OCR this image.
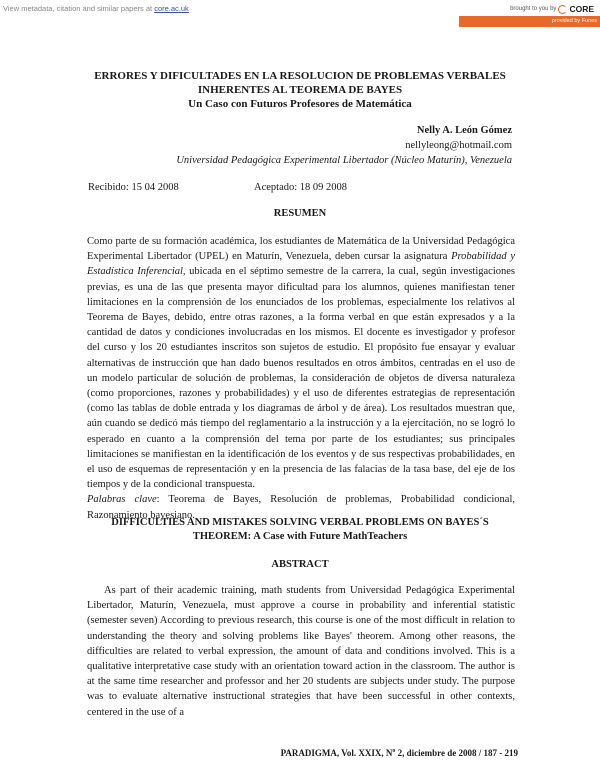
View metadata, citation and similar papers at core.ac.uk	brought to you by CORE
provided by Funes

ERRORES Y DIFICULTADES EN LA RESOLUCION DE PROBLEMAS VERBALES

INHERENTES AL TEOREMA DE BAYES

Un Caso con Futuros Profesores de Matemática

Nelly A. León Gómez

nellyleong@hotmail.com

Universidad Pedagógica Experimental Libertador (Núcleo Maturín), Venezuela

Recibido: 15 04 2008	Aceptado: 18 09 2008

RESUMEN

Como parte de su formación académica, los estudiantes de Matemática de la Universidad Pedagógica Experimental Libertador (UPEL) en Maturín, Venezuela, deben cursar la asignatura Probabilidad y Estadística Inferencial, ubicada en el séptimo semestre de la carrera, la cual, según investigaciones previas, es una de las que presenta mayor dificultad para los alumnos, quienes manifiestan tener limitaciones en la comprensión de los enunciados de los problemas, especialmente los relativos al Teorema de Bayes, debido, entre otras razones, a la forma verbal en que están expresados y a la cantidad de datos y condiciones involucradas en los mismos. El docente es investigador y profesor del curso y los 20 estudiantes inscritos son sujetos de estudio. El propósito fue ensayar y evaluar alternativas de instrucción que han dado buenos resultados en otros ámbitos, centradas en el uso de un modelo particular de solución de problemas, la consideración de objetos de diversa naturaleza (como proporciones, razones y probabilidades) y el uso de diferentes estrategias de representación (como las tablas de doble entrada y los diagramas de árbol y de área). Los resultados muestran que, aún cuando se dedicó más tiempo del reglamentario a la instrucción y a la ejercitación, no se logró lo esperado en cuanto a la comprensión del tema por parte de los estudiantes; sus principales limitaciones se manifiestan en la identificación de los eventos y de sus respectivas probabilidades, en el uso de esquemas de representación y en la presencia de las falacias de la tasa base, del eje de los tiempos y de la condicional transpuesta.
Palabras clave: Teorema de Bayes, Resolución de problemas, Probabilidad condicional, Razonamiento bayesiano.

DIFFICULTIES AND MISTAKES SOLVING VERBAL PROBLEMS ON BAYES´S

THEOREM: A Case with Future MathTeachers

ABSTRACT

As part of their academic training, math students from Universidad Pedagógica Experimental Libertador, Maturín, Venezuela, must approve a course in probability and inferential statistic (semester seven) According to previous research, this course is one of the most difficult in relation to understanding the theory and solving problems like Bayes' theorem. Among other reasons, the difficulties are related to verbal expression, the amount of data and conditions involved. This is a qualitative interpretative case study with an orientation toward action in the classroom. The author is at the same time researcher and professor and her 20 students are subjects under study. The purpose was to evaluate alternative instructional strategies that have been successful in other contexts, centered in the use of a

PARADIGMA, Vol. XXIX, $N^o$ 2, diciembre de 2008 / 187 - 219
